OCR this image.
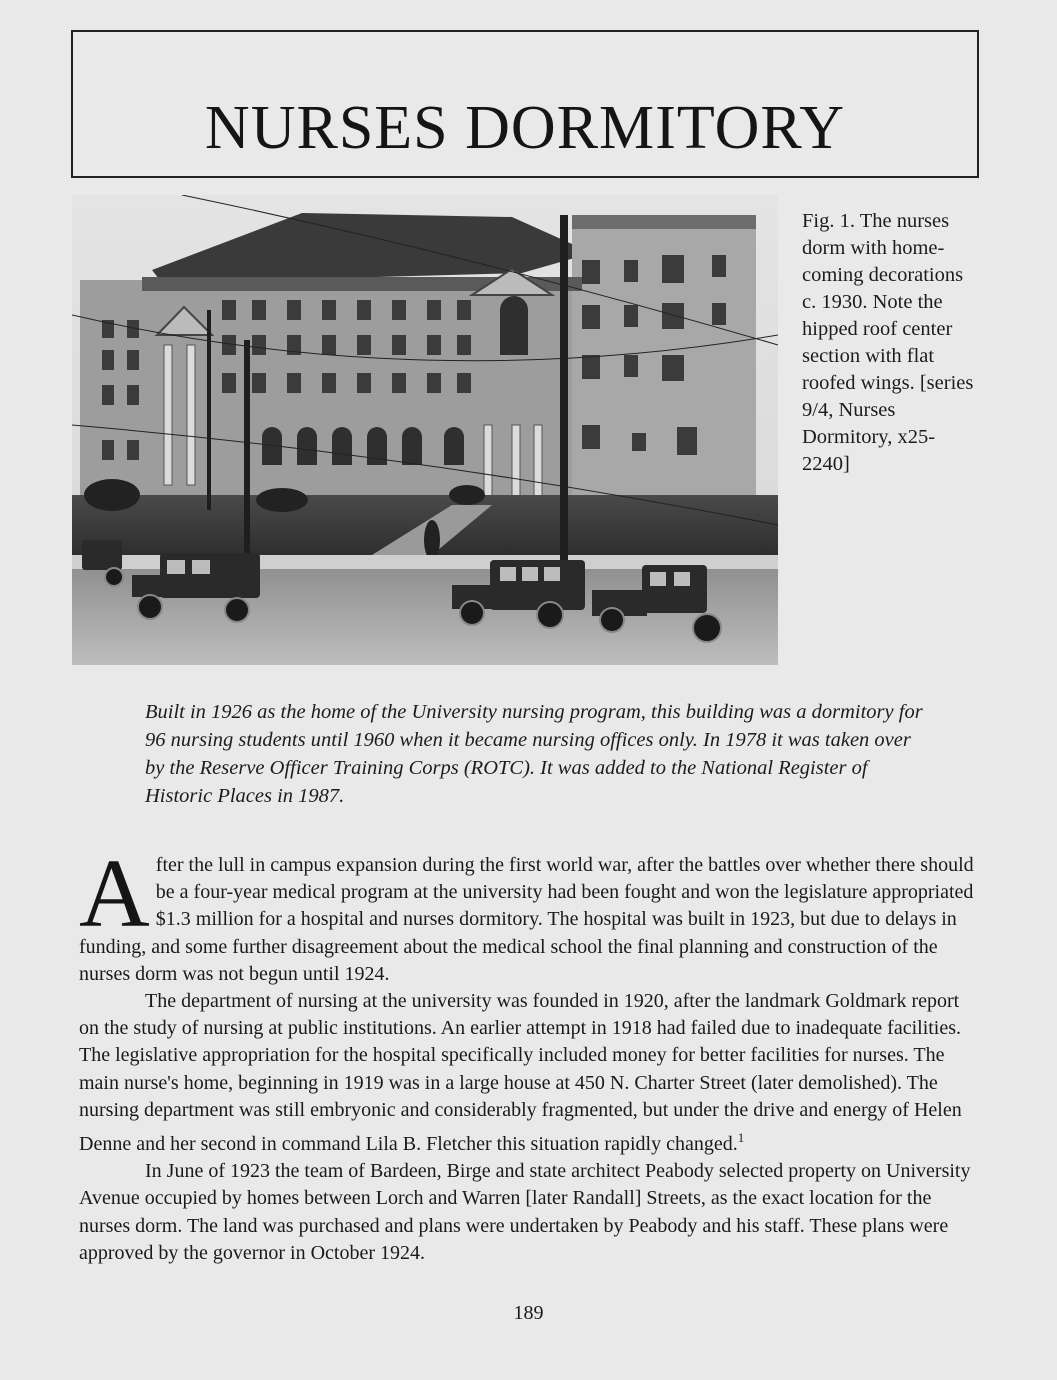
NURSES DORMITORY
Fig. 1. The nurses dorm with home-coming decorations c. 1930. Note the hipped roof center section with flat roofed wings. [series 9/4, Nurses Dormitory, x25-2240]
Built in 1926 as the home of the University nursing program, this building was a dormitory for 96 nursing students until 1960 when it became nursing offices only. In 1978 it was taken over by the Reserve Officer Training Corps (ROTC). It was added to the National Register of Historic Places in 1987.

After the lull in campus expansion during the first world war, after the battles over whether there should be a four-year medical program at the university had been fought and won the legislature appropriated $1.3 million for a hospital and nurses dormitory. The hospital was built in 1923, but due to delays in funding, and some further disagreement about the medical school the final planning and construction of the nurses dorm was not begun until 1924.

The department of nursing at the university was founded in 1920, after the landmark Goldmark report on the study of nursing at public institutions. An earlier attempt in 1918 had failed due to inadequate facilities. The legislative appropriation for the hospital specifically included money for better facilities for nurses. The main nurse's home, beginning in 1919 was in a large house at 450 N. Charter Street (later demolished). The nursing department was still embryonic and considerably fragmented, but under the drive and energy of Helen Denne and her second in command Lila B. Fletcher this situation rapidly changed.$^1$

In June of 1923 the team of Bardeen, Birge and state architect Peabody selected property on University Avenue occupied by homes between Lorch and Warren [later Randall] Streets, as the exact location for the nurses dorm. The land was purchased and plans were undertaken by Peabody and his staff. These plans were approved by the governor in October 1924.

189
